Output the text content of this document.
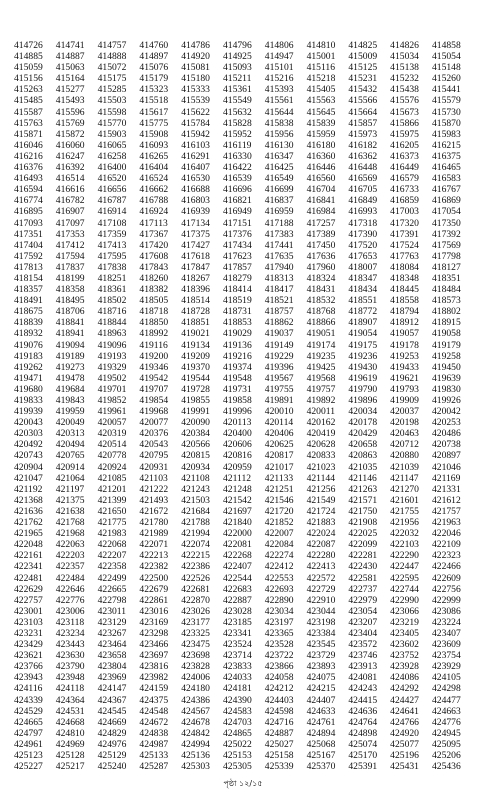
414726	414741	414757	414760	414786	414796	414806	414810	414825	414826	414858
414885	414887	414888	414897	414920	414925	414947	415001	415009	415034	415054
415059	415063	415072	415076	415081	415093	415101	415116	415125	415138	415148
415156	415164	415175	415179	415180	415211	415216	415218	415231	415232	415260
415263	415277	415285	415323	415333	415361	415393	415405	415432	415438	415441
415485	415493	415503	415518	415539	415549	415561	415563	415566	415576	415579
415587	415596	415598	415617	415622	415632	415644	415645	415664	415673	415730
415763	415769	415770	415775	415784	415828	415838	415839	415857	415866	415870
415871	415872	415903	415908	415942	415952	415956	415959	415973	415975	415983
416046	416060	416065	416093	416103	416119	416130	416180	416182	416205	416215
416216	416247	416258	416265	416291	416330	416347	416360	416362	416373	416375
416376	416392	416400	416404	416407	416422	416425	416446	416448	416449	416465
416493	416514	416520	416524	416530	416539	416549	416560	416569	416579	416583
416594	416616	416656	416662	416688	416696	416699	416704	416705	416733	416767
416774	416782	416787	416788	416803	416821	416837	416841	416849	416859	416869
416895	416907	416914	416924	416939	416949	416959	416984	416993	417003	417054
417093	417097	417108	417113	417134	417151	417188	417257	417318	417320	417350
417351	417353	417359	417367	417375	417376	417383	417389	417390	417391	417392
417404	417412	417413	417420	417427	417434	417441	417450	417520	417524	417569
417592	417594	417595	417608	417618	417623	417635	417636	417653	417763	417798
417813	417837	417838	417843	417847	417857	417940	417960	418007	418084	418127
418154	418199	418251	418260	418267	418279	418313	418324	418347	418348	418351
418357	418358	418361	418382	418396	418414	418417	418431	418434	418445	418484
418491	418495	418502	418505	418514	418519	418521	418532	418551	418558	418573
418675	418706	418716	418718	418728	418731	418757	418768	418772	418794	418802
418839	418841	418844	418850	418851	418853	418862	418866	418907	418912	418915
418932	418941	418963	418992	419021	419029	419037	419051	419054	419057	419058
419076	419094	419096	419116	419134	419136	419149	419174	419175	419178	419179
419183	419189	419193	419200	419209	419216	419229	419235	419236	419253	419258
419262	419273	419329	419346	419370	419374	419396	419425	419430	419433	419450
419471	419478	419502	419542	419544	419548	419567	419568	419619	419621	419639
419680	419684	419701	419707	419728	419731	419755	419757	419790	419793	419830
419833	419843	419852	419854	419855	419858	419891	419892	419896	419909	419926
419939	419959	419961	419968	419991	419996	420010	420011	420034	420037	420042
420043	420049	420057	420077	420090	420113	420114	420162	420178	420198	420253
420303	420313	420319	420376	420384	420400	420406	420419	420429	420463	420486
420492	420494	420514	420543	420566	420606	420625	420628	420658	420712	420738
420743	420765	420778	420795	420815	420816	420817	420833	420863	420880	420897
420904	420914	420924	420931	420934	420959	421017	421023	421035	421039	421046
421047	421064	421085	421103	421108	421112	421133	421144	421146	421147	421169
421192	421197	421201	421222	421243	421248	421251	421256	421263	421270	421331
421368	421375	421399	421493	421503	421542	421546	421549	421571	421601	421612
421636	421638	421650	421672	421684	421697	421720	421724	421750	421755	421757
421762	421768	421775	421780	421788	421840	421852	421883	421908	421956	421963
421965	421968	421983	421989	421994	422000	422007	422024	422025	422032	422046
422048	422063	422068	422071	422074	422081	422084	422087	422099	422103	422109
422161	422203	422207	422213	422215	422268	422274	422280	422281	422290	422323
422341	422357	422358	422382	422386	422407	422412	422413	422430	422447	422466
422481	422484	422499	422500	422526	422544	422553	422572	422581	422595	422609
422629	422646	422665	422679	422681	422683	422693	422729	422737	422744	422756
422757	422776	422798	422861	422870	422887	422890	422910	422979	422990	422999
423001	423006	423011	423016	423026	423028	423034	423044	423054	423066	423086
423103	423118	423129	423169	423177	423185	423197	423198	423207	423219	423224
423231	423234	423267	423298	423325	423341	423365	423384	423404	423405	423407
423429	423443	423464	423466	423475	423524	423528	423545	423572	423602	423609
423621	423630	423658	423697	423698	423714	423722	423729	423746	423752	423754
423766	423790	423804	423816	423828	423833	423866	423893	423913	423928	423929
423943	423948	423969	423982	424006	424033	424058	424075	424081	424086	424105
424116	424118	424147	424159	424180	424181	424212	424215	424243	424292	424298
424339	424364	424367	424375	424386	424390	424403	424407	424415	424427	424477
424529	424531	424545	424548	424567	424583	424598	424633	424636	424641	424663
424665	424668	424669	424672	424678	424703	424716	424761	424764	424766	424776
424797	424810	424829	424838	424842	424865	424887	424894	424898	424920	424945
424961	424969	424976	424987	424994	425022	425027	425068	425074	425077	425095
425123	425128	425129	425133	425136	425153	425158	425167	425170	425196	425206
425227	425217	425240	425287	425303	425305	425339	425370	425391	425431	425436
পৃষ্ঠা ১২/১৫
